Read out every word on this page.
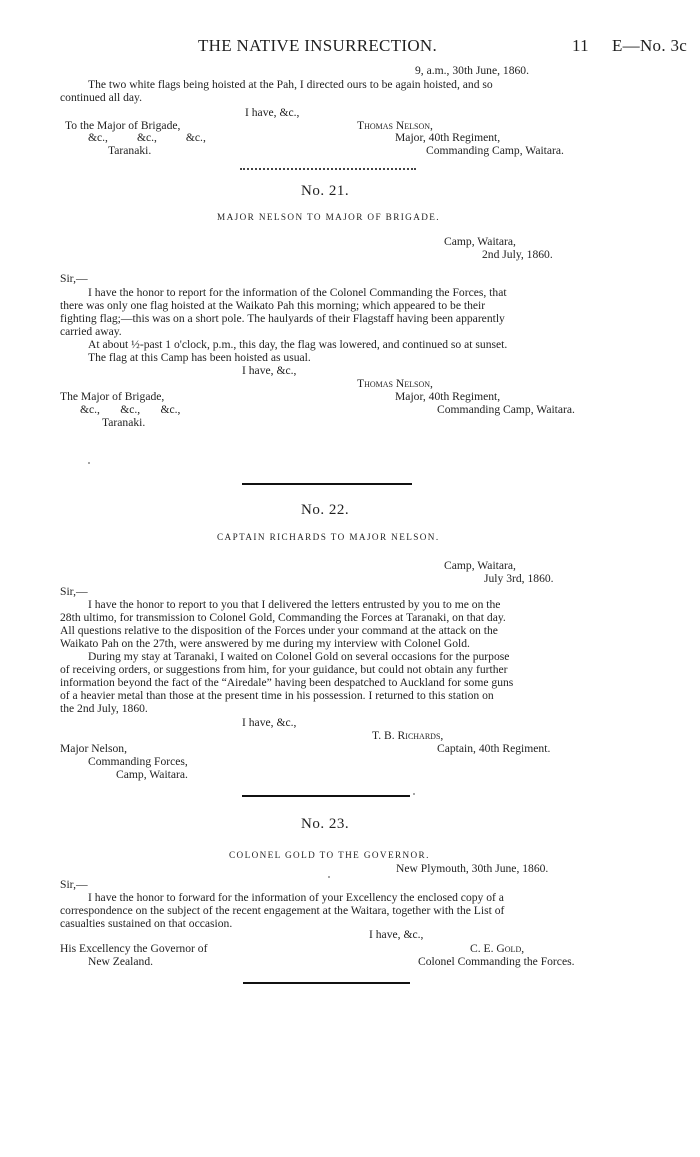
THE NATIVE INSURRECTION.	11 E—No. 3c
9, a.m., 30th June, 1860.
The two white flags being hoisted at the Pah, I directed ours to be again hoisted, and so
continued all day.
I have, &c.,
To the Major of Brigade,
&c.,          &c.,          &c.,
Taranaki.
Thomas Nelson,
Major, 40th Regiment,
Commanding Camp, Waitara.
No. 21.
MAJOR NELSON TO MAJOR OF BRIGADE.
Camp, Waitara,
2nd July, 1860.
Sir,—
I have the honor to report for the information of the Colonel Commanding the Forces, that
there was only one flag hoisted at the Waikato Pah this morning; which appeared to be their
fighting flag;—this was on a short pole. The haulyards of their Flagstaff having been apparently
carried away.
At about ½-past 1 o'clock, p.m., this day, the flag was lowered, and continued so at sunset.
The flag at this Camp has been hoisted as usual.
I have, &c.,
Thomas Nelson,
Major, 40th Regiment,
Commanding Camp, Waitara.
The Major of Brigade,
&c.,       &c.,       &c.,
Taranaki.
No. 22.
CAPTAIN RICHARDS TO MAJOR NELSON.
Camp, Waitara,
July 3rd, 1860.
Sir,—
I have the honor to report to you that I delivered the letters entrusted by you to me on the
28th ultimo, for transmission to Colonel Gold, Commanding the Forces at Taranaki, on that day.
All questions relative to the disposition of the Forces under your command at the attack on the
Waikato Pah on the 27th, were answered by me during my interview with Colonel Gold.
During my stay at Taranaki, I waited on Colonel Gold on several occasions for the purpose
of receiving orders, or suggestions from him, for your guidance, but could not obtain any further
information beyond the fact of the “Airedale” having been despatched to Auckland for some guns
of a heavier metal than those at the present time in his possession. I returned to this station on
the 2nd July, 1860.
I have, &c.,
T. B. Richards,
Captain, 40th Regiment.
Major Nelson,
Commanding Forces,
Camp, Waitara.
No. 23.
COLONEL GOLD TO THE GOVERNOR.
New Plymouth, 30th June, 1860.
Sir,—
I have the honor to forward for the information of your Excellency the enclosed copy of a
correspondence on the subject of the recent engagement at the Waitara, together with the List of
casualties sustained on that occasion.
I have, &c.,
C. E. Gold,
Colonel Commanding the Forces.
His Excellency the Governor of
New Zealand.
